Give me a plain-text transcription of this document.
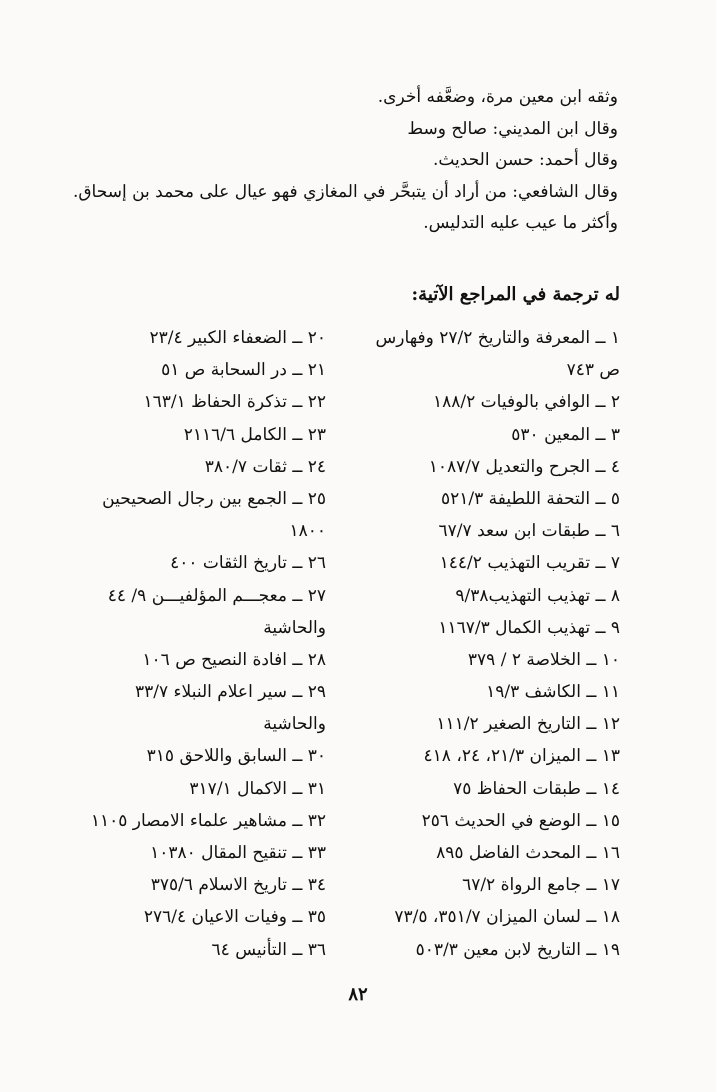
وثقه ابن معين مرة، وضعَّفه أخرى.
وقال ابن المديني: صالح وسط
وقال أحمد: حسن الحديث.
وقال الشافعي: من أراد أن يتبحَّر في المغازي فهو عيال على محمد بن إسحاق.
وأكثر ما عيب عليه التدليس.
له ترجمة في المراجع الآتية:
١ ــ المعرفة والتاريخ ٢٧/٢ وفهارس
ص ٧٤٣
٢ ــ الوافي بالوفيات ١٨٨/٢
٣ ــ المعين ٥٣٠
٤ ــ الجرح والتعديل ١٠٨٧/٧
٥ ــ التحفة اللطيفة ٥٢١/٣
٦ ــ طبقات ابن سعد ٦٧/٧
٧ ــ تقريب التهذيب ١٤٤/٢
٨ ــ تهذيب التهذيب٩/٣٨
٩ ــ تهذيب الكمال ١١٦٧/٣
١٠ ــ الخلاصة ٢ / ٣٧٩
١١ ــ الكاشف ١٩/٣
١٢ ــ التاريخ الصغير ١١١/٢
١٣ ــ الميزان ٢١/٣، ٢٤، ٤١٨
١٤ ــ طبقات الحفاظ ٧٥
١٥ ــ الوضع في الحديث ٢٥٦
١٦ ــ المحدث الفاضل ٨٩٥
١٧ ــ جامع الرواة ٦٧/٢
١٨ ــ لسان الميزان ٣٥١/٧، ٧٣/٥
١٩ ــ التاريخ لابن معين ٥٠٣/٣
٢٠ ــ الضعفاء الكبير ٢٣/٤
٢١ ــ در السحابة ص ٥١
٢٢ ــ تذكرة الحفاظ ١٦٣/١
٢٣ ــ الكامل ٢١١٦/٦
٢٤ ــ ثقات ٣٨٠/٧
٢٥ ــ الجمع بين رجال الصحيحين
١٨٠٠
٢٦ ــ تاريخ الثقات ٤٠٠
٢٧ ــ معجـــم المؤلفيـــن ٩/ ٤٤
والحاشية
٢٨ ــ افادة النصيح ص ١٠٦
٢٩ ــ سير اعلام النبلاء ٣٣/٧
والحاشية
٣٠ ــ السابق واللاحق ٣١٥
٣١ ــ الاكمال ٣١٧/١
٣٢ ــ مشاهير علماء الامصار ١١٠٥
٣٣ ــ تنقيح المقال ١٠٣٨٠
٣٤ ــ تاريخ الاسلام ٣٧٥/٦
٣٥ ــ وفيات الاعيان ٢٧٦/٤
٣٦ ــ التأنيس ٦٤
٨٢
